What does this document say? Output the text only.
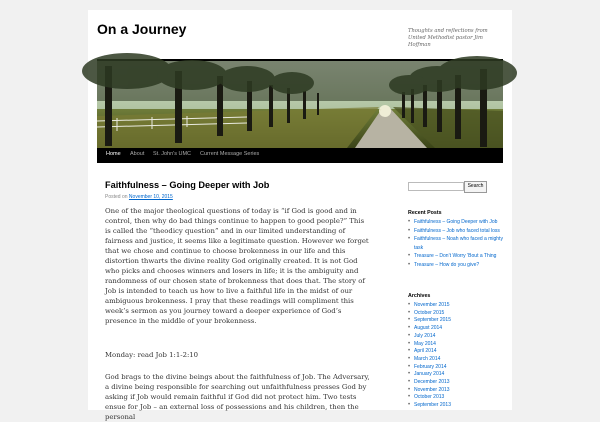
On a Journey	Thoughts and reflections from United Methodist pastor Jim Hoffman
Home About St. John's UMC Current Message Series
Faithfulness – Going Deeper with Job
Posted on November 10, 2015
One of the major theological questions of today is “if God is good and in control, then why do bad things continue to happen to good people?” This is called the “theodicy question” and in our limited understanding of fairness and justice, it seems like a legitimate question. However we forget that we chose and continue to choose brokenness in our life and this distortion thwarts the divine reality God originally created. It is not God who picks and chooses winners and losers in life; it is the ambiguity and randomness of our chosen state of brokenness that does that. The story of Job is intended to teach us how to live a faithful life in the midst of our ambiguous brokenness. I pray that these readings will compliment this week’s sermon as you journey toward a deeper experience of God’s presence in the middle of your brokenness.
Monday: read Job 1:1-2:10
God brags to the divine beings about the faithfulness of Job. The Adversary, a divine being responsible for searching out unfaithfulness presses God by asking if Job would remain faithful if God did not protect him. Two tests ensue for Job – an external loss of possessions and his children, then the personal
Search
Recent Posts
• Faithfulness – Going Deeper with Job
• Faithfulness – Job who faced total loss
• Faithfulness – Noah who faced a mighty task
• Treasure – Don’t Worry ‘Bout a Thing
• Treasure – How do you give?
Archives
• November 2015
• October 2015
• September 2015
• August 2014
• July 2014
• May 2014
• April 2014
• March 2014
• February 2014
• January 2014
• December 2013
• November 2013
• October 2013
• September 2013
